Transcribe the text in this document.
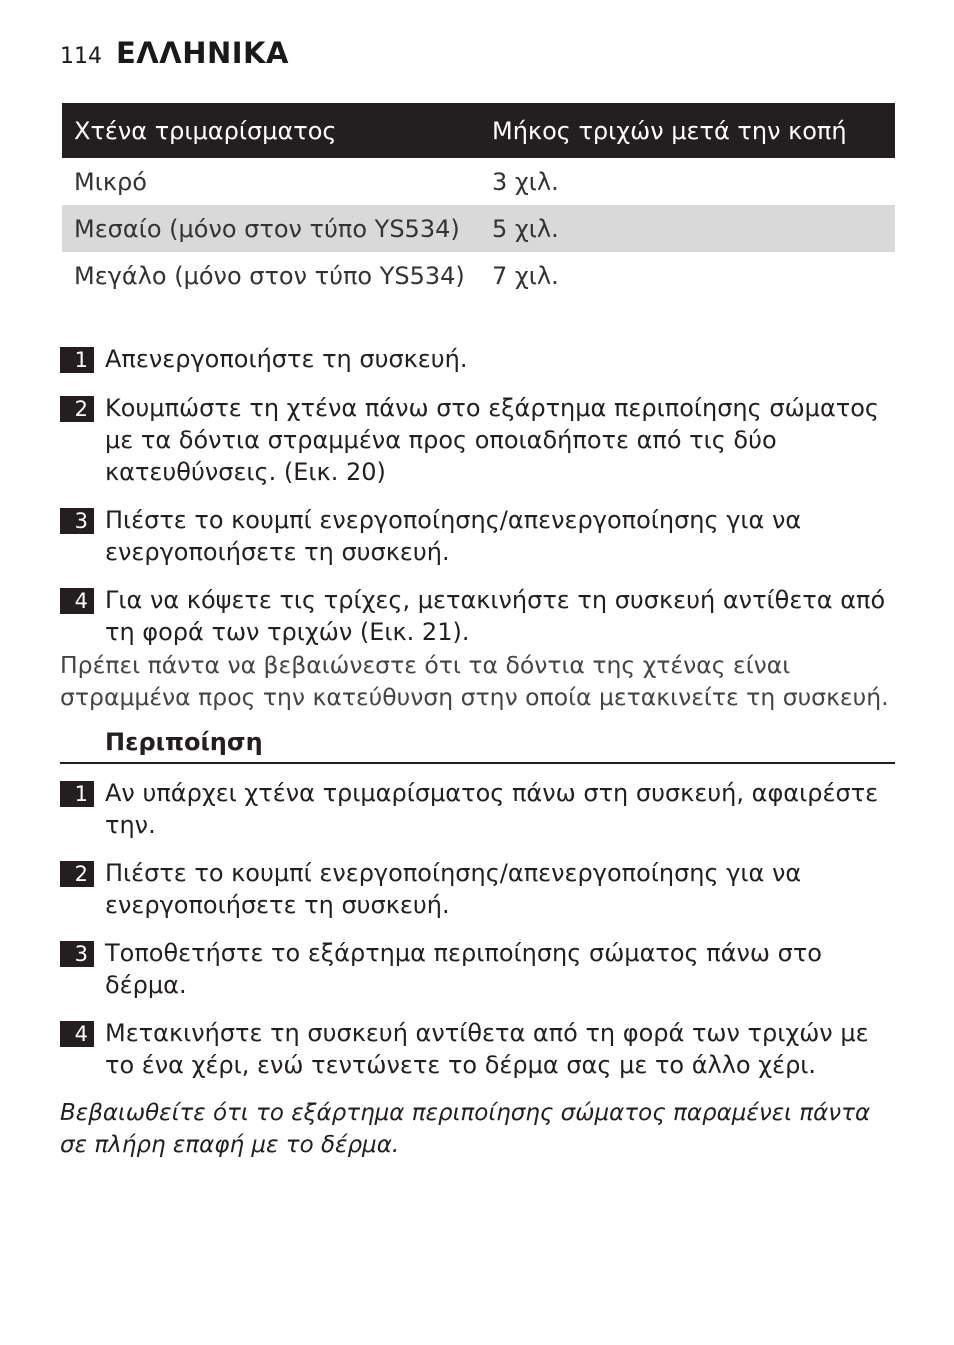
114 ΕΛΛΗΝΙΚΑ
Χτένα τριμαρίσματος	Μήκος τριχών μετά την κοπή
Μικρό	3 χιλ.
Μεσαίο (μόνο στον τύπο YS534)	5 χιλ.
Μεγάλο (μόνο στον τύπο YS534)	7 χιλ.
1 Απενεργοποιήστε τη συσκευή.
2 Κουμπώστε τη χτένα πάνω στο εξάρτημα περιποίησης σώματος με τα δόντια στραμμένα προς οποιαδήποτε από τις δύο κατευθύνσεις. (Εικ. 20)
3 Πιέστε το κουμπί ενεργοποίησης/απενεργοποίησης για να ενεργοποιήσετε τη συσκευή.
4 Για να κόψετε τις τρίχες, μετακινήστε τη συσκευή αντίθετα από τη φορά των τριχών (Εικ. 21).
Πρέπει πάντα να βεβαιώνεστε ότι τα δόντια της χτένας είναι στραμμένα προς την κατεύθυνση στην οποία μετακινείτε τη συσκευή.
Περιποίηση
1 Αν υπάρχει χτένα τριμαρίσματος πάνω στη συσκευή, αφαιρέστε την.
2 Πιέστε το κουμπί ενεργοποίησης/απενεργοποίησης για να ενεργοποιήσετε τη συσκευή.
3 Τοποθετήστε το εξάρτημα περιποίησης σώματος πάνω στο δέρμα.
4 Μετακινήστε τη συσκευή αντίθετα από τη φορά των τριχών με το ένα χέρι, ενώ τεντώνετε το δέρμα σας με το άλλο χέρι.
Βεβαιωθείτε ότι το εξάρτημα περιποίησης σώματος παραμένει πάντα σε πλήρη επαφή με το δέρμα.
